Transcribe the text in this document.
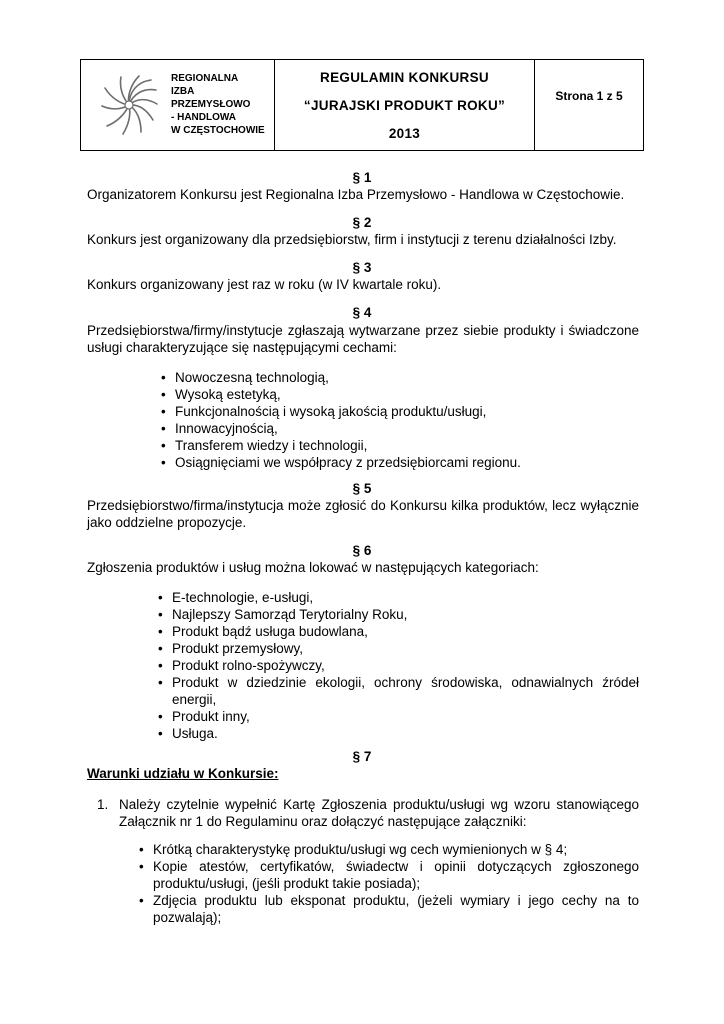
REGIONALNA
IZBA
PRZEMYSŁOWO
- HANDLOWA
W CZĘSTOCHOWIE
REGULAMIN KONKURSU
“JURAJSKI PRODUKT ROKU”
2013
Strona 1 z 5
§ 1
Organizatorem Konkursu jest Regionalna Izba Przemysłowo - Handlowa w Częstochowie.
§ 2
Konkurs jest organizowany dla przedsiębiorstw, firm i instytucji z terenu działalności Izby.
§ 3
Konkurs organizowany jest raz w roku (w IV kwartale roku).
§ 4
Przedsiębiorstwa/firmy/instytucje zgłaszają wytwarzane przez siebie produkty i świadczone usługi charakteryzujące się następującymi cechami:
• Nowoczesną technologią,
• Wysoką estetyką,
• Funkcjonalnością i wysoką jakością produktu/usługi,
• Innowacyjnością,
• Transferem wiedzy i technologii,
• Osiągnięciami we współpracy z przedsiębiorcami regionu.
§ 5
Przedsiębiorstwo/firma/instytucja może zgłosić do Konkursu kilka produktów, lecz wyłącznie jako oddzielne propozycje.
§ 6
Zgłoszenia produktów i usług można lokować w następujących kategoriach:
• E-technologie, e-usługi,
• Najlepszy Samorząd Terytorialny Roku,
• Produkt bądź usługa budowlana,
• Produkt przemysłowy,
• Produkt rolno-spożywczy,
• Produkt w dziedzinie ekologii, ochrony środowiska, odnawialnych źródeł energii,
• Produkt inny,
• Usługa.
§ 7
Warunki udziału w Konkursie:
1. Należy czytelnie wypełnić Kartę Zgłoszenia produktu/usługi wg wzoru stanowiącego Załącznik nr 1 do Regulaminu oraz dołączyć następujące załączniki:
• Krótką charakterystykę produktu/usługi wg cech wymienionych w § 4;
• Kopie atestów, certyfikatów, świadectw i opinii dotyczących zgłoszonego produktu/usługi, (jeśli produkt takie posiada);
• Zdjęcia produktu lub eksponat produktu, (jeżeli wymiary i jego cechy na to pozwalają);
